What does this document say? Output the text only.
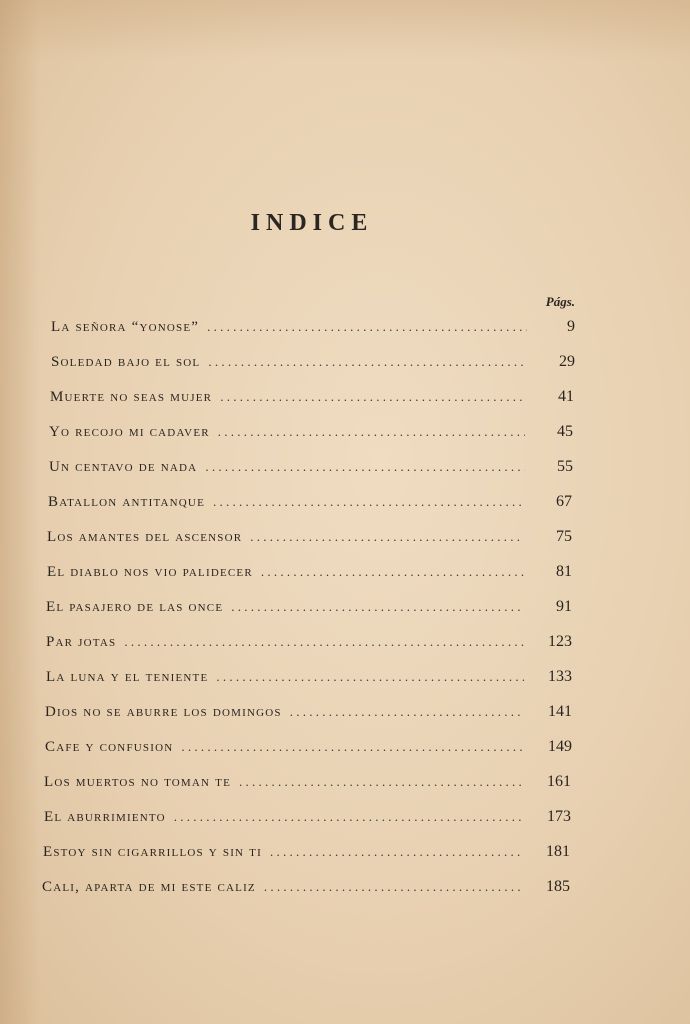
INDICE
Págs.
La señora “yonose” . . .	9
Soledad bajo el sol . . .	29
Muerte no seas mujer . . .	41
Yo recojo mi cadaver . . .	45
Un centavo de nada . . .	55
Batallon antitanque . . .	67
Los amantes del ascensor . . .	75
El diablo nos vio palidecer . . .	81
El pasajero de las once . . .	91
Par jotas . . .	123
La luna y el teniente . . .	133
Dios no se aburre los domingos . . .	141
Cafe y confusion . . .	149
Los muertos no toman te . . .	161
El aburrimiento . . .	173
Estoy sin cigarrillos y sin ti . . .	181
Cali, aparta de mi este caliz . . .	185
